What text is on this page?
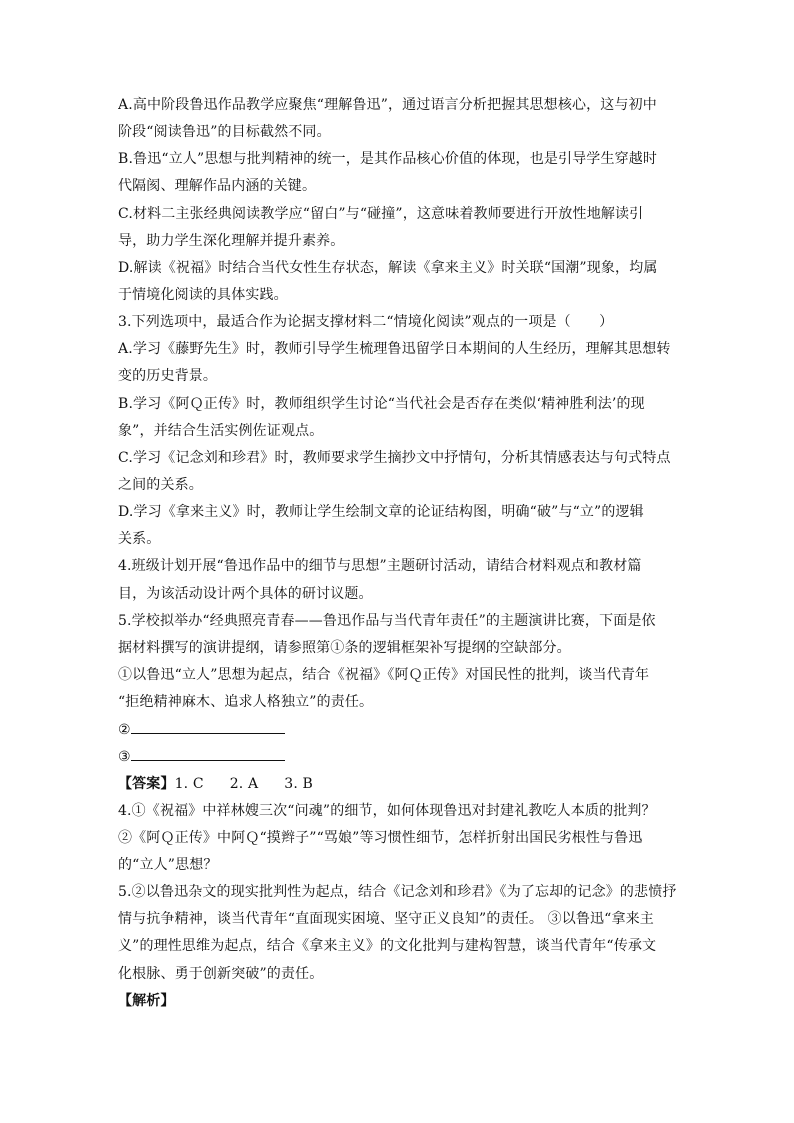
A.高中阶段鲁迅作品教学应聚焦“理解鲁迅”，通过语言分析把握其思想核心，这与初中
阶段“阅读鲁迅”的目标截然不同。
B.鲁迅“立人”思想与批判精神的统一，是其作品核心价值的体现，也是引导学生穿越时
代隔阂、理解作品内涵的关键。
C.材料二主张经典阅读教学应“留白”与“碰撞”，这意味着教师要进行开放性地解读引
导，助力学生深化理解并提升素养。
D.解读《祝福》时结合当代女性生存状态，解读《拿来主义》时关联“国潮”现象，均属
于情境化阅读的具体实践。
3.下列选项中，最适合作为论据支撑材料二“情境化阅读”观点的一项是（　　）
A.学习《藤野先生》时，教师引导学生梳理鲁迅留学日本期间的人生经历，理解其思想转
变的历史背景。
B.学习《阿Ｑ正传》时，教师组织学生讨论“当代社会是否存在类似‘精神胜利法’的现
象”，并结合生活实例佐证观点。
C.学习《记念刘和珍君》时，教师要求学生摘抄文中抒情句，分析其情感表达与句式特点
之间的关系。
D.学习《拿来主义》时，教师让学生绘制文章的论证结构图，明确“破”与“立”的逻辑
关系。
4.班级计划开展“鲁迅作品中的细节与思想”主题研讨活动，请结合材料观点和教材篇
目，为该活动设计两个具体的研讨议题。
5.学校拟举办“经典照亮青春——鲁迅作品与当代青年责任”的主题演讲比赛，下面是依
据材料撰写的演讲提纲，请参照第①条的逻辑框架补写提纲的空缺部分。
①以鲁迅“立人”思想为起点，结合《祝福》《阿Ｑ正传》对国民性的批判，谈当代青年
“拒绝精神麻木、追求人格独立”的责任。
②
③
【答案】1. C 2. A 3. B
4.①《祝福》中祥林嫂三次“问魂”的细节，如何体现鲁迅对封建礼教吃人本质的批判？
②《阿Ｑ正传》中阿Ｑ“摸辫子”“骂娘”等习惯性细节，怎样折射出国民劣根性与鲁迅
的“立人”思想？
5.②以鲁迅杂文的现实批判性为起点，结合《记念刘和珍君》《为了忘却的记念》的悲愤抒
情与抗争精神，谈当代青年“直面现实困境、坚守正义良知”的责任。 ③以鲁迅“拿来主
义”的理性思维为起点，结合《拿来主义》的文化批判与建构智慧，谈当代青年“传承文
化根脉、勇于创新突破”的责任。
【解析】
